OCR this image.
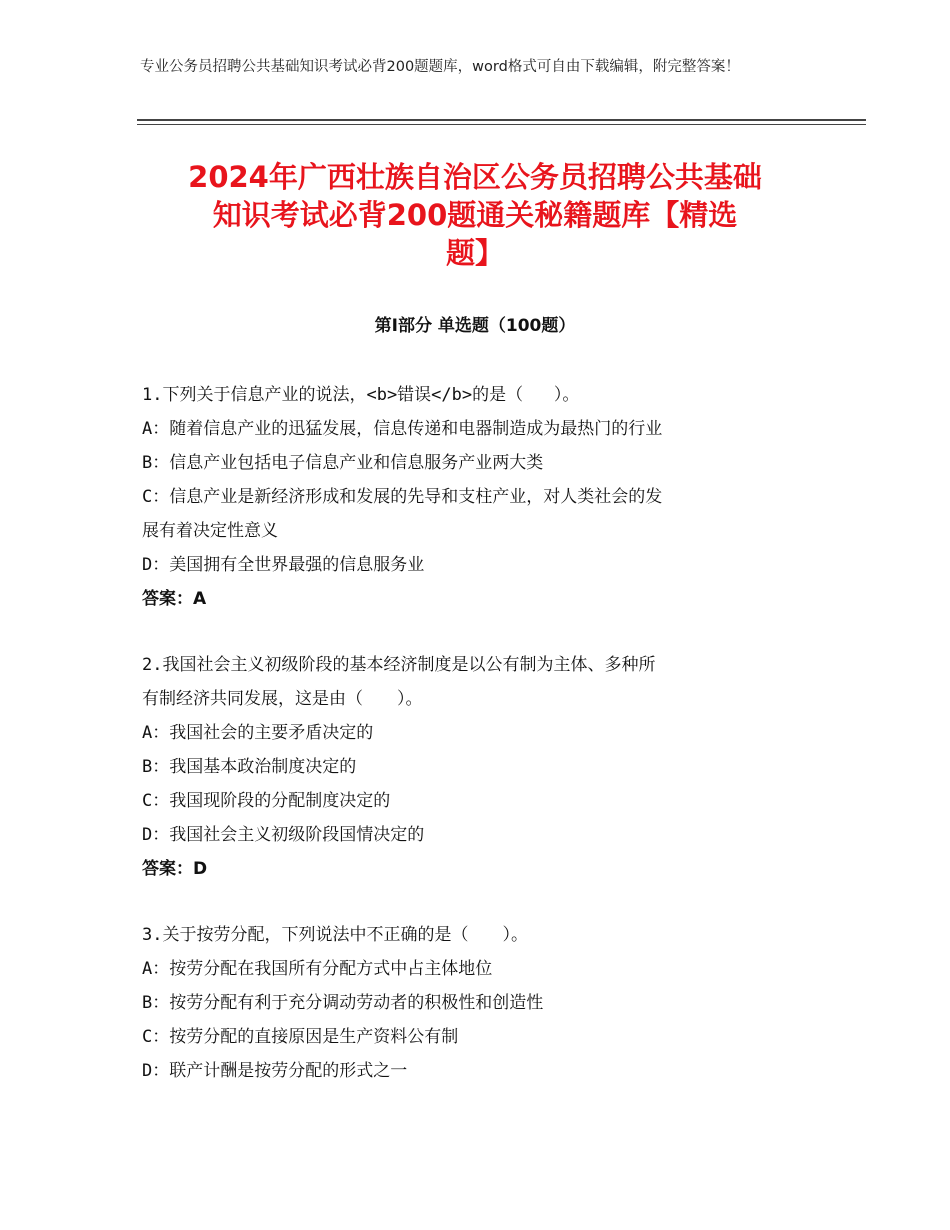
专业公务员招聘公共基础知识考试必背200题题库，word格式可自由下载编辑，附完整答案！
2024年广西壮族自治区公务员招聘公共基础
知识考试必背200题通关秘籍题库【精选
题】
第Ⅰ部分 单选题（100题）
1.下列关于信息产业的说法，<b>错误</b>的是（   ）。
A：随着信息产业的迅猛发展，信息传递和电器制造成为最热门的行业
B：信息产业包括电子信息产业和信息服务产业两大类
C：信息产业是新经济形成和发展的先导和支柱产业，对人类社会的发
展有着决定性意义
D：美国拥有全世界最强的信息服务业
答案：A
2.我国社会主义初级阶段的基本经济制度是以公有制为主体、多种所
有制经济共同发展，这是由（　　）。
A：我国社会的主要矛盾决定的
B：我国基本政治制度决定的
C：我国现阶段的分配制度决定的
D：我国社会主义初级阶段国情决定的
答案：D
3.关于按劳分配，下列说法中不正确的是（　　）。
A：按劳分配在我国所有分配方式中占主体地位
B：按劳分配有利于充分调动劳动者的积极性和创造性
C：按劳分配的直接原因是生产资料公有制
D：联产计酬是按劳分配的形式之一
